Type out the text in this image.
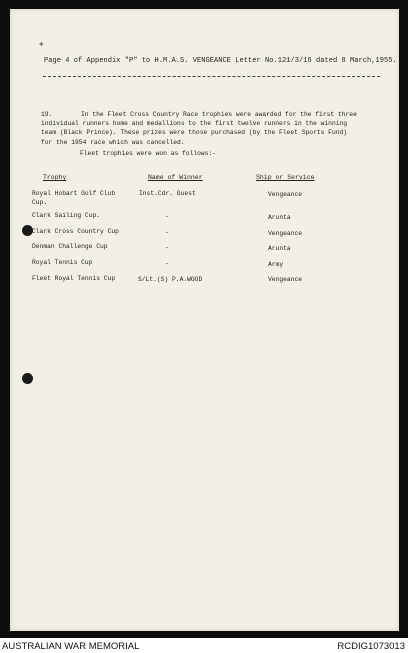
✦
Page 4 of Appendix "P" to H.M.A.S. VENGEANCE Letter No.121/3/16 dated 8 March,1955.
19.	In the Fleet Cross Country Race trophies were awarded for the first three
individual runners home and medallions to the first twelve runners in the winning
team (Black Prince). These prizes were those purchased (by the Fleet Sports Fund)
for the 1954 race which was cancelled.
Fleet trophies were won as follows:-
Trophy	Name of Winner	Ship or Service
Royal Hobart Golf Club Cup.
Inst.Cdr. Guest	Vengeance
Clark Sailing Cup.	-	Arunta
Clark Cross Country Cup	-	Vengeance
Denman Challenge Cup	-	Arunta
Royal Tennis Cup	-	Army
Fleet Royal Tennis Cup	S/Lt.(S) P.A.WOOD	Vengeance
AUSTRALIAN WAR MEMORIAL	RCDIG1073013
